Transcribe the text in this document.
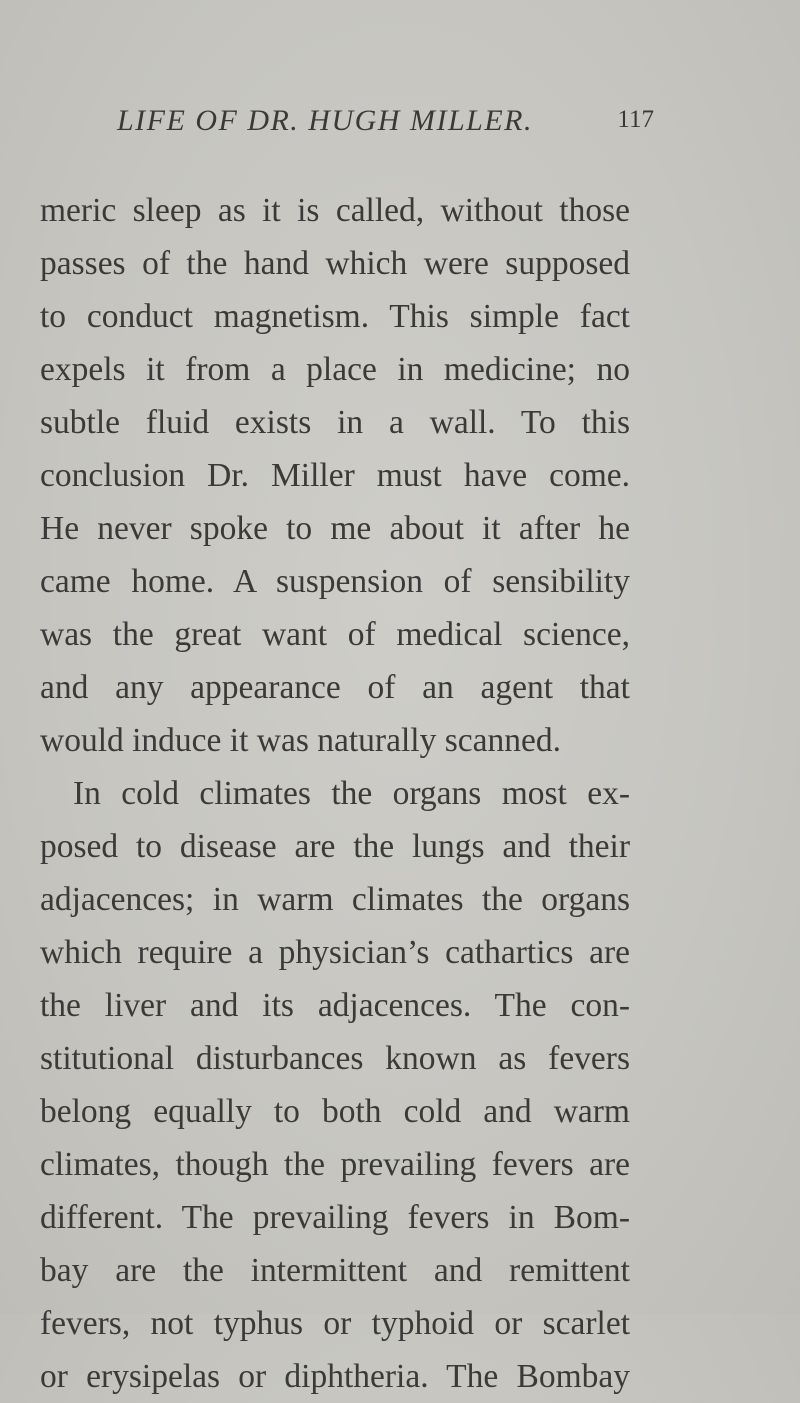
LIFE OF DR. HUGH MILLER.	117
meric sleep as it is called, without those
passes of the hand which were supposed
to conduct magnetism. This simple fact
expels it from a place in medicine; no
subtle fluid exists in a wall. To this
conclusion Dr. Miller must have come.
He never spoke to me about it after he
came home. A suspension of sensibility
was the great want of medical science,
and any appearance of an agent that
would induce it was naturally scanned.
In cold climates the organs most ex-
posed to disease are the lungs and their
adjacences; in warm climates the organs
which require a physician’s cathartics are
the liver and its adjacences. The con-
stitutional disturbances known as fevers
belong equally to both cold and warm
climates, though the prevailing fevers are
different. The prevailing fevers in Bom-
bay are the intermittent and remittent
fevers, not typhus or typhoid or scarlet
or erysipelas or diphtheria. The Bombay
